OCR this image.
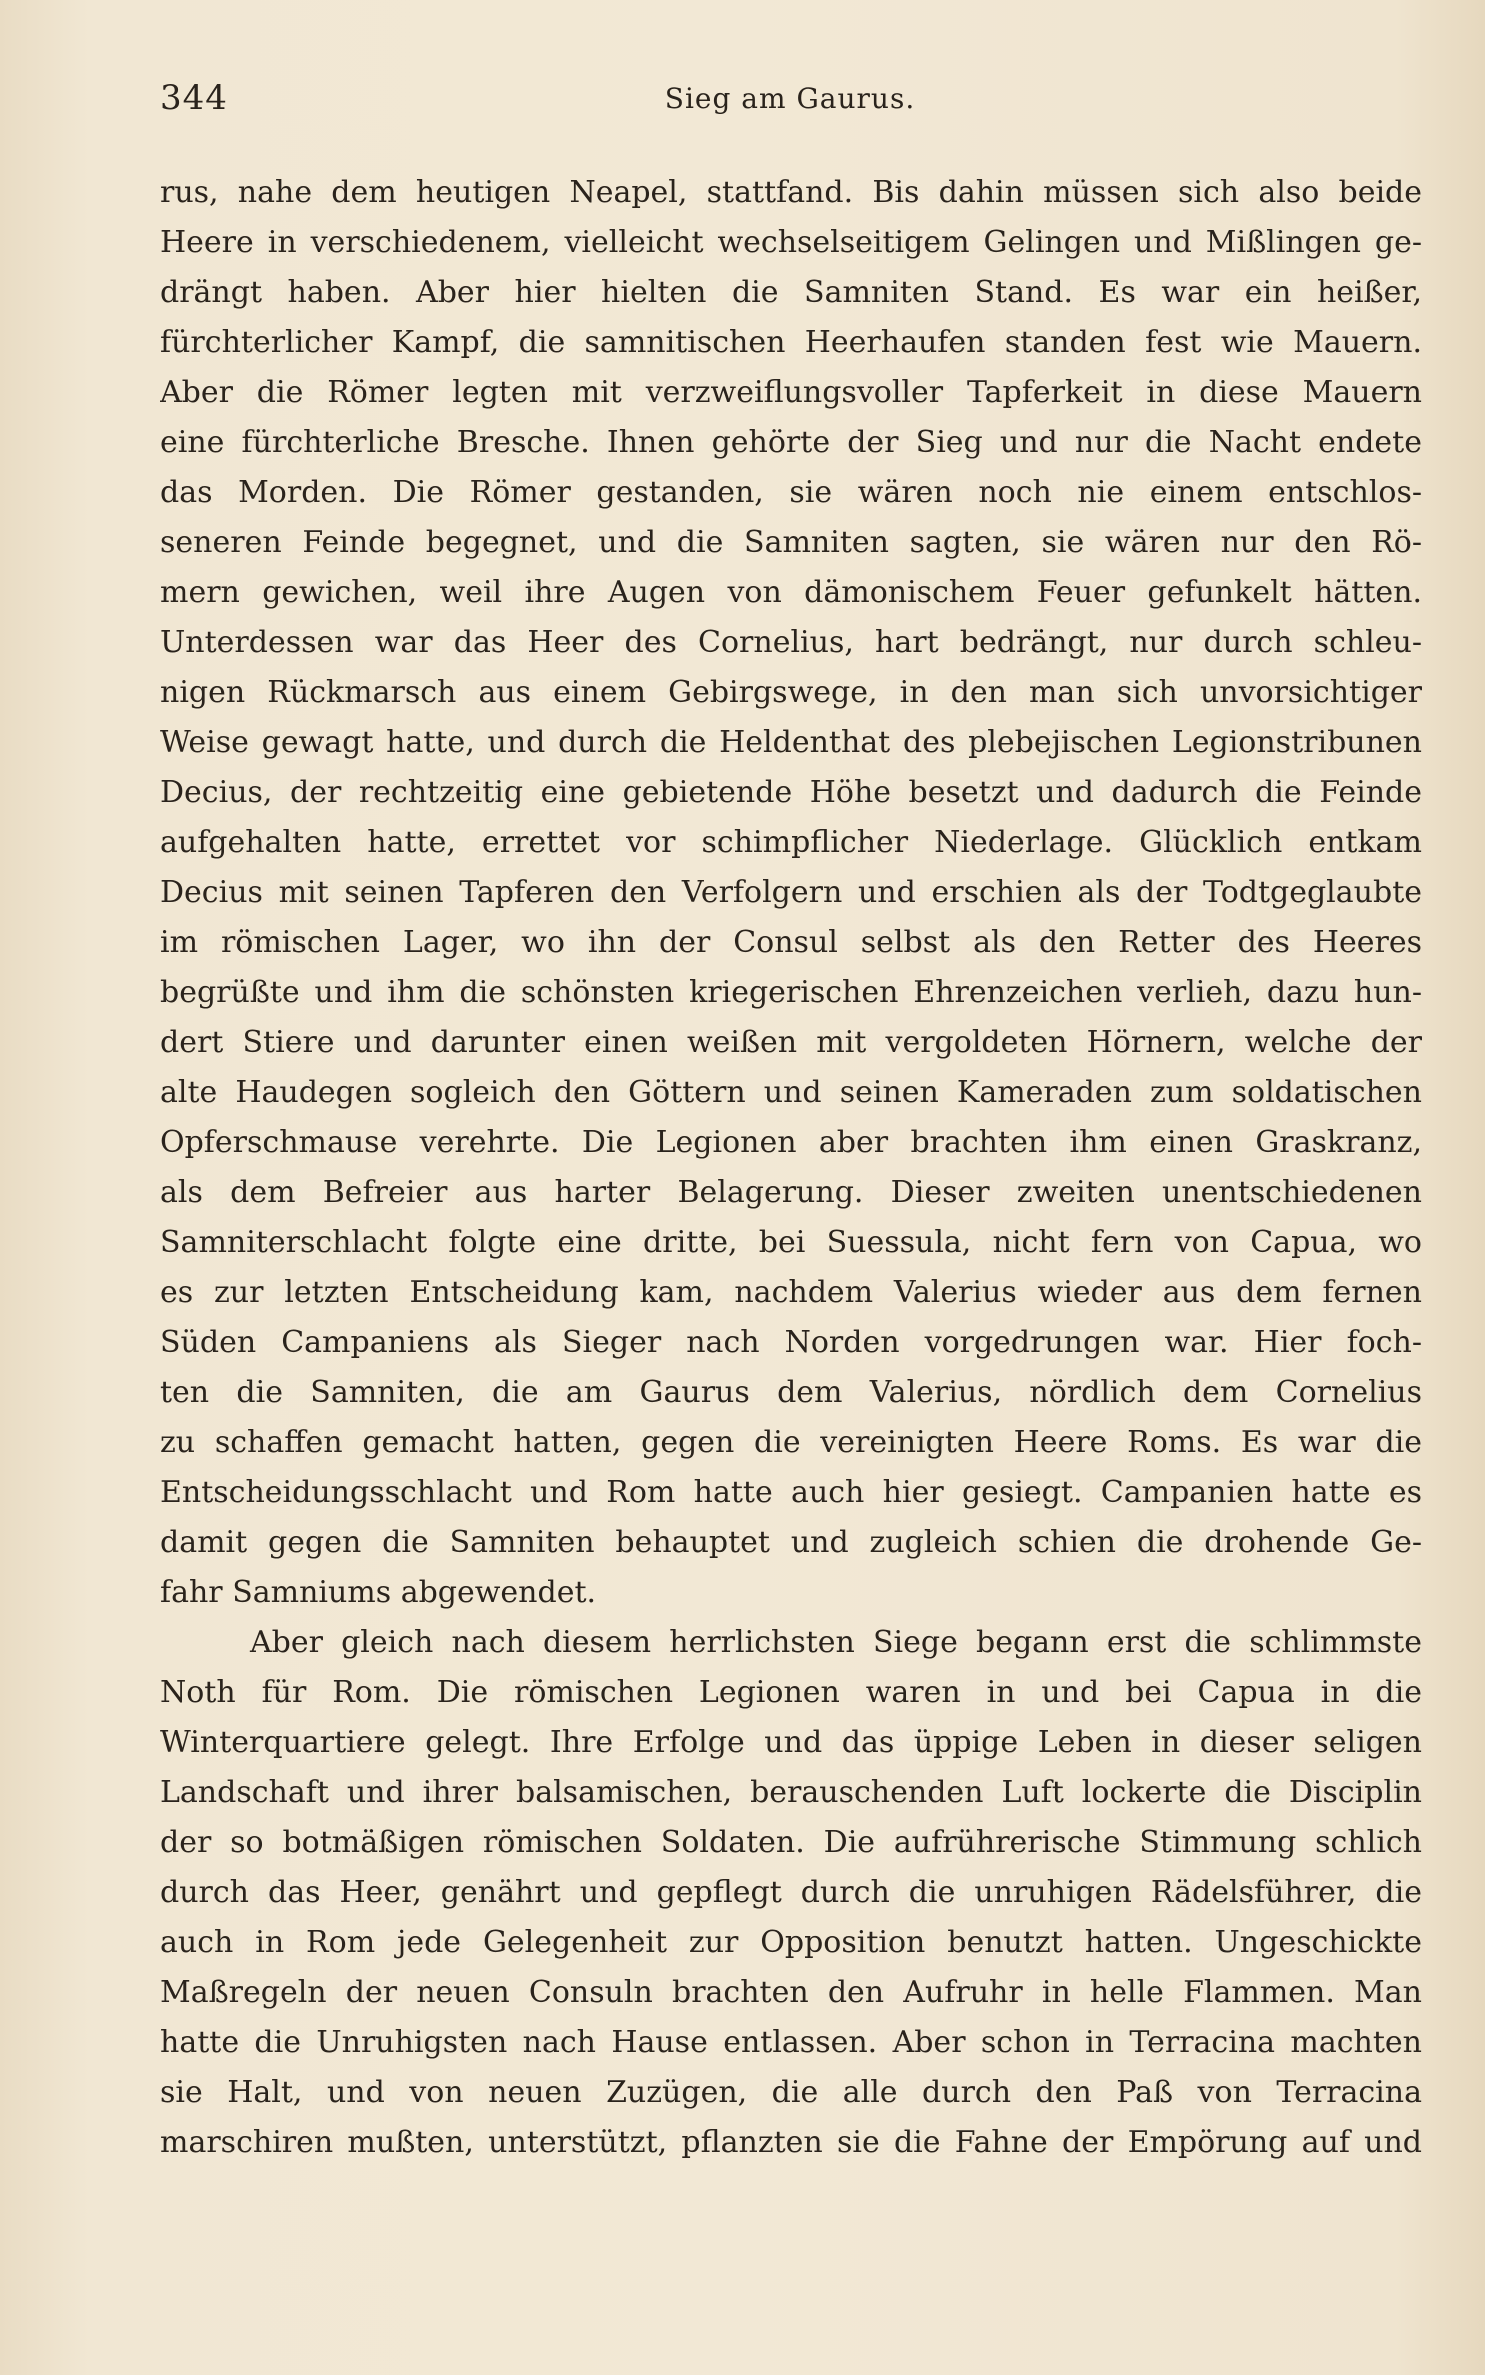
344	Sieg am Gaurus.
rus, nahe dem heutigen Neapel, stattfand. Bis dahin müssen sich also beide
Heere in verschiedenem, vielleicht wechselseitigem Gelingen und Mißlingen ge-
drängt haben. Aber hier hielten die Samniten Stand. Es war ein heißer,
fürchterlicher Kampf, die samnitischen Heerhaufen standen fest wie Mauern.
Aber die Römer legten mit verzweiflungsvoller Tapferkeit in diese Mauern
eine fürchterliche Bresche. Ihnen gehörte der Sieg und nur die Nacht endete
das Morden. Die Römer gestanden, sie wären noch nie einem entschlos-
seneren Feinde begegnet, und die Samniten sagten, sie wären nur den Rö-
mern gewichen, weil ihre Augen von dämonischem Feuer gefunkelt hätten.
Unterdessen war das Heer des Cornelius, hart bedrängt, nur durch schleu-
nigen Rückmarsch aus einem Gebirgswege, in den man sich unvorsichtiger
Weise gewagt hatte, und durch die Heldenthat des plebejischen Legionstribunen
Decius, der rechtzeitig eine gebietende Höhe besetzt und dadurch die Feinde
aufgehalten hatte, errettet vor schimpflicher Niederlage. Glücklich entkam
Decius mit seinen Tapferen den Verfolgern und erschien als der Todtgeglaubte
im römischen Lager, wo ihn der Consul selbst als den Retter des Heeres
begrüßte und ihm die schönsten kriegerischen Ehrenzeichen verlieh, dazu hun-
dert Stiere und darunter einen weißen mit vergoldeten Hörnern, welche der
alte Haudegen sogleich den Göttern und seinen Kameraden zum soldatischen
Opferschmause verehrte. Die Legionen aber brachten ihm einen Graskranz,
als dem Befreier aus harter Belagerung. Dieser zweiten unentschiedenen
Samniterschlacht folgte eine dritte, bei Suessula, nicht fern von Capua, wo
es zur letzten Entscheidung kam, nachdem Valerius wieder aus dem fernen
Süden Campaniens als Sieger nach Norden vorgedrungen war. Hier foch-
ten die Samniten, die am Gaurus dem Valerius, nördlich dem Cornelius
zu schaffen gemacht hatten, gegen die vereinigten Heere Roms. Es war die
Entscheidungsschlacht und Rom hatte auch hier gesiegt. Campanien hatte es
damit gegen die Samniten behauptet und zugleich schien die drohende Ge-
fahr Samniums abgewendet.
Aber gleich nach diesem herrlichsten Siege begann erst die schlimmste
Noth für Rom. Die römischen Legionen waren in und bei Capua in die
Winterquartiere gelegt. Ihre Erfolge und das üppige Leben in dieser seligen
Landschaft und ihrer balsamischen, berauschenden Luft lockerte die Disciplin
der so botmäßigen römischen Soldaten. Die aufrührerische Stimmung schlich
durch das Heer, genährt und gepflegt durch die unruhigen Rädelsführer, die
auch in Rom jede Gelegenheit zur Opposition benutzt hatten. Ungeschickte
Maßregeln der neuen Consuln brachten den Aufruhr in helle Flammen. Man
hatte die Unruhigsten nach Hause entlassen. Aber schon in Terracina machten
sie Halt, und von neuen Zuzügen, die alle durch den Paß von Terracina
marschiren mußten, unterstützt, pflanzten sie die Fahne der Empörung auf und
